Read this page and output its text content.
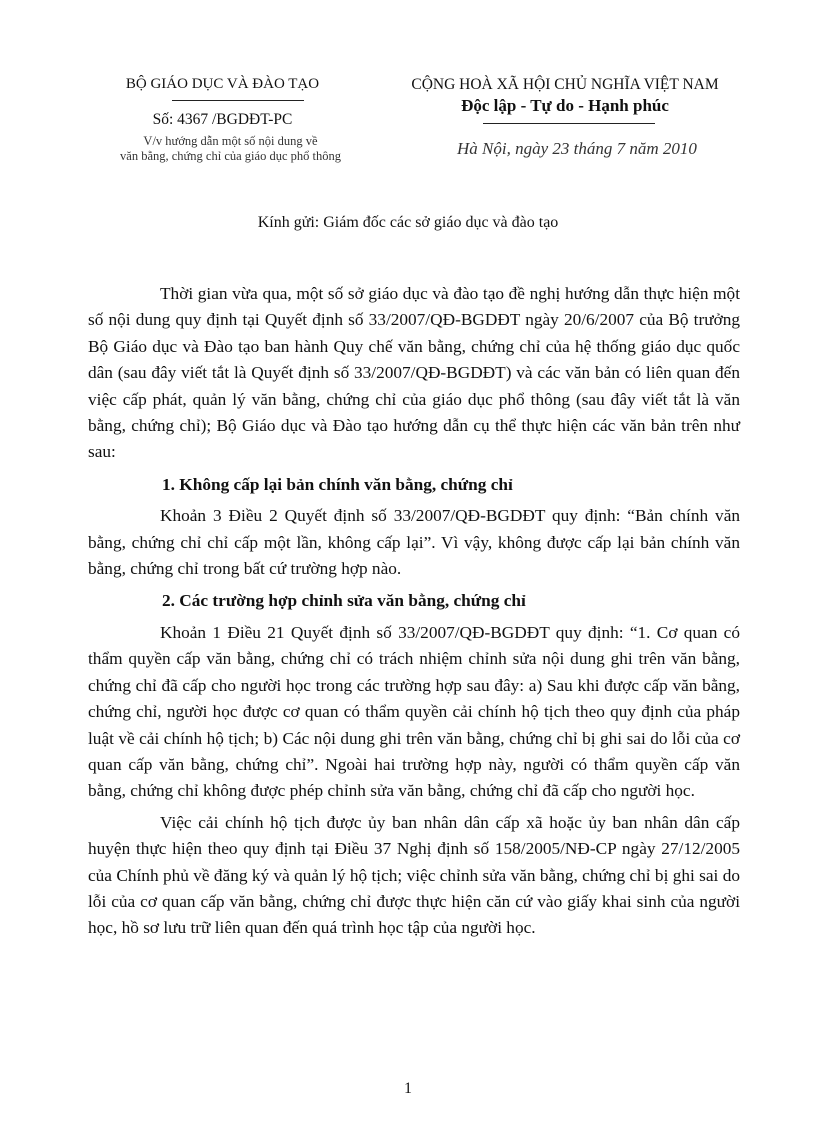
BỘ GIÁO DỤC VÀ ĐÀO TẠO
Số: 4367 /BGDĐT-PC
V/v hướng dẫn một số nội dung về
văn bằng, chứng chỉ của giáo dục phổ thông
CỘNG HOÀ XÃ HỘI CHỦ NGHĨA VIỆT NAM
Độc lập - Tự do - Hạnh phúc
Hà Nội, ngày 23 tháng 7 năm 2010
Kính gửi: Giám đốc các sở giáo dục và đào tạo

Thời gian vừa qua, một số sở giáo dục và đào tạo đề nghị hướng dẫn thực hiện một số nội dung quy định tại Quyết định số 33/2007/QĐ-BGDĐT ngày 20/6/2007 của Bộ trưởng Bộ Giáo dục và Đào tạo ban hành Quy chế văn bằng, chứng chỉ của hệ thống giáo dục quốc dân (sau đây viết tắt là Quyết định số 33/2007/QĐ-BGDĐT) và các văn bản có liên quan đến việc cấp phát, quản lý văn bằng, chứng chỉ của giáo dục phổ thông (sau đây viết tắt là văn bằng, chứng chỉ); Bộ Giáo dục và Đào tạo hướng dẫn cụ thể thực hiện các văn bản trên như sau:

1. Không cấp lại bản chính văn bằng, chứng chỉ

Khoản 3 Điều 2 Quyết định số 33/2007/QĐ-BGDĐT quy định: “Bản chính văn bằng, chứng chỉ chỉ cấp một lần, không cấp lại”. Vì vậy, không được cấp lại bản chính văn bằng, chứng chỉ trong bất cứ trường hợp nào.

2. Các trường hợp chỉnh sửa văn bằng, chứng chỉ

Khoản 1 Điều 21 Quyết định số 33/2007/QĐ-BGDĐT quy định: “1. Cơ quan có thẩm quyền cấp văn bằng, chứng chỉ có trách nhiệm chỉnh sửa nội dung ghi trên văn bằng, chứng chỉ đã cấp cho người học trong các trường hợp sau đây: a) Sau khi được cấp văn bằng, chứng chỉ, người học được cơ quan có thẩm quyền cải chính hộ tịch theo quy định của pháp luật về cải chính hộ tịch; b) Các nội dung ghi trên văn bằng, chứng chỉ bị ghi sai do lỗi của cơ quan cấp văn bằng, chứng chỉ”. Ngoài hai trường hợp này, người có thẩm quyền cấp văn bằng, chứng chỉ không được phép chỉnh sửa văn bằng, chứng chỉ đã cấp cho người học.

Việc cải chính hộ tịch được ủy ban nhân dân cấp xã hoặc ủy ban nhân dân cấp huyện thực hiện theo quy định tại Điều 37 Nghị định số 158/2005/NĐ-CP ngày 27/12/2005 của Chính phủ về đăng ký và quản lý hộ tịch; việc chỉnh sửa văn bằng, chứng chỉ bị ghi sai do lỗi của cơ quan cấp văn bằng, chứng chỉ được thực hiện căn cứ vào giấy khai sinh của người học, hồ sơ lưu trữ liên quan đến quá trình học tập của người học.

1
